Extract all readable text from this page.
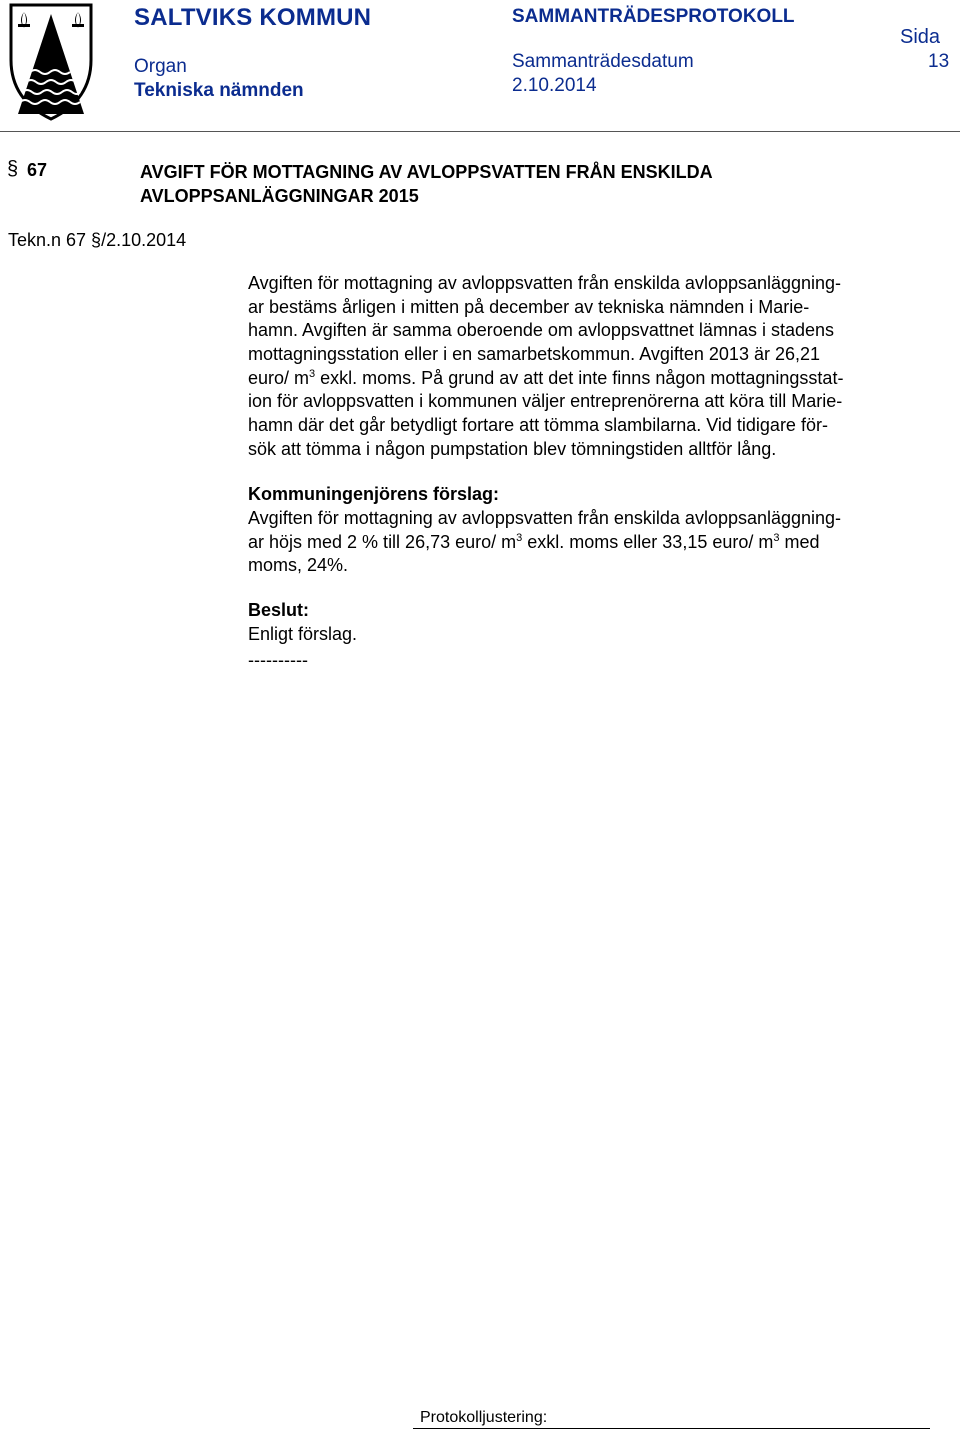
SALTVIKS KOMMUN
Organ
Tekniska nämnden
SAMMANTRÄDESPROTOKOLL
Sammanträdesdatum
2.10.2014
Sida
13
§ 67	AVGIFT FÖR MOTTAGNING AV AVLOPPSVATTEN FRÅN ENSKILDA
AVLOPPSANLÄGGNINGAR 2015
Tekn.n 67 §/2.10.2014
Avgiften för mottagning av avloppsvatten från enskilda avloppsanläggning-
ar bestäms årligen i mitten på december av tekniska nämnden i Marie-
hamn. Avgiften är samma oberoende om avloppsvattnet lämnas i stadens
mottagningsstation eller i en samarbetskommun. Avgiften 2013 är 26,21
euro/ $m^3$ exkl. moms. På grund av att det inte finns någon mottagningsstat-
ion för avloppsvatten i kommunen väljer entreprenörerna att köra till Marie-
hamn där det går betydligt fortare att tömma slambilarna. Vid tidigare för-
sök att tömma i någon pumpstation blev tömningstiden alltför lång.
Kommuningenjörens förslag:
Avgiften för mottagning av avloppsvatten från enskilda avloppsanläggning-
ar höjs med 2 % till 26,73 euro/ $m^3$ exkl. moms eller 33,15 euro/ $m^3$ med
moms, 24%.
Beslut:
Enligt förslag.
----------
Protokolljustering:
